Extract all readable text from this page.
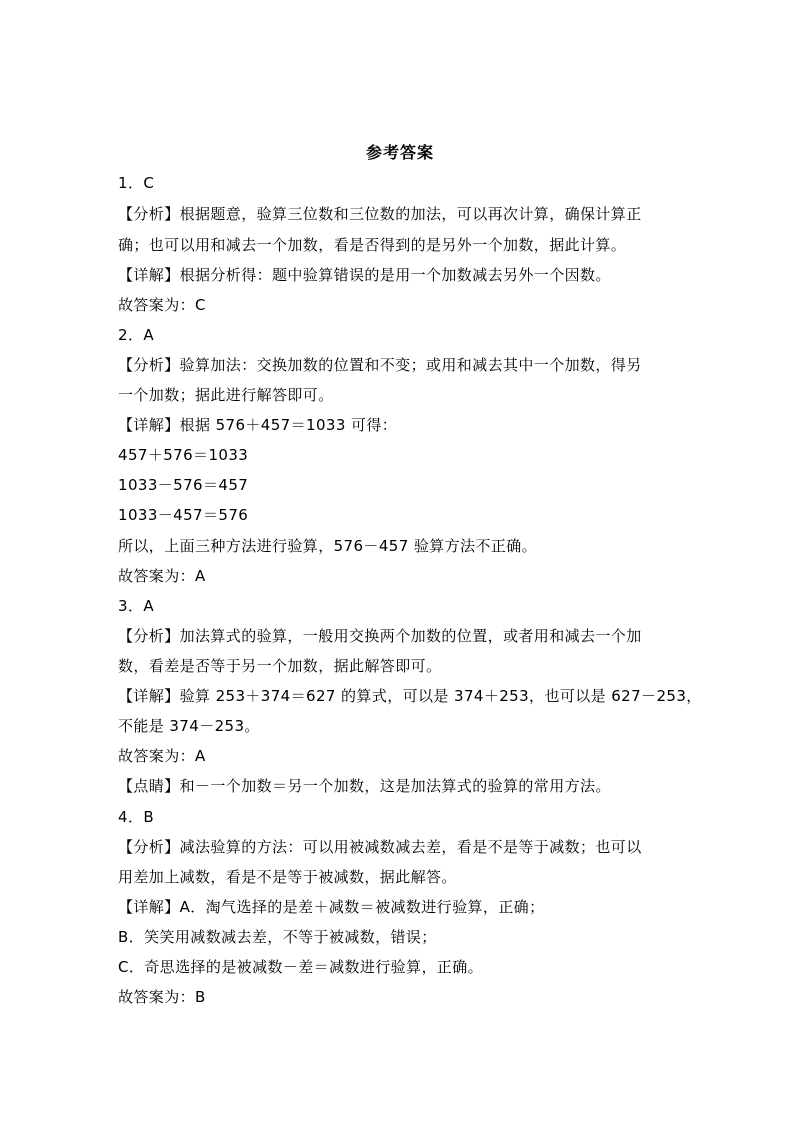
参考答案
1．C
【分析】根据题意，验算三位数和三位数的加法，可以再次计算，确保计算正
确；也可以用和减去一个加数，看是否得到的是另外一个加数，据此计算。
【详解】根据分析得：题中验算错误的是用一个加数减去另外一个因数。
故答案为：C
2．A
【分析】验算加法：交换加数的位置和不变；或用和减去其中一个加数，得另
一个加数；据此进行解答即可。
【详解】根据 576＋457＝1033 可得：
457＋576＝1033
1033－576＝457
1033－457＝576
所以，上面三种方法进行验算，576－457 验算方法不正确。
故答案为：A
3．A
【分析】加法算式的验算，一般用交换两个加数的位置，或者用和减去一个加
数，看差是否等于另一个加数，据此解答即可。
【详解】验算 253＋374＝627 的算式，可以是 374＋253，也可以是 627－253，
不能是 374－253。
故答案为：A
【点睛】和－一个加数＝另一个加数，这是加法算式的验算的常用方法。
4．B
【分析】减法验算的方法：可以用被减数减去差，看是不是等于减数；也可以
用差加上减数，看是不是等于被减数，据此解答。
【详解】A．淘气选择的是差＋减数＝被减数进行验算，正确；
B．笑笑用减数减去差，不等于被减数，错误；
C．奇思选择的是被减数－差＝减数进行验算，正确。
故答案为：B
